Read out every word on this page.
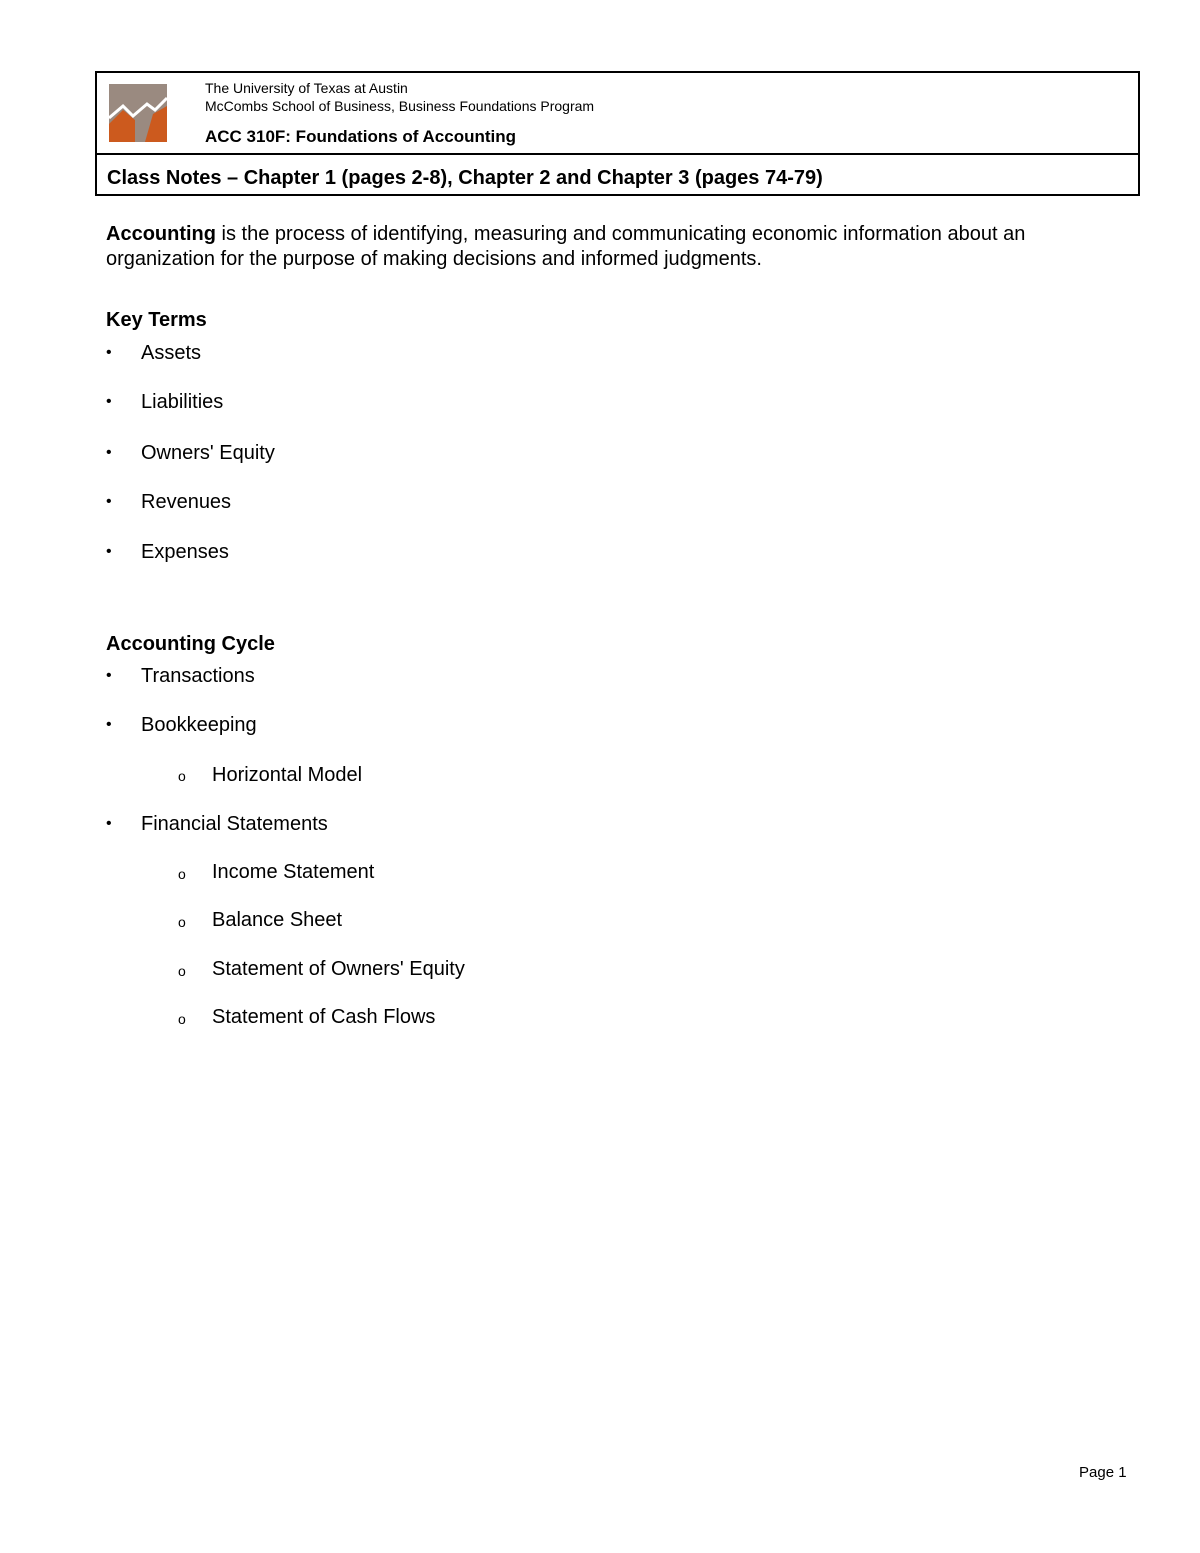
The University of Texas at Austin
McCombs School of Business, Business Foundations Program
ACC 310F: Foundations of Accounting
Class Notes – Chapter 1 (pages 2-8), Chapter 2 and Chapter 3 (pages 74-79)
Accounting is the process of identifying, measuring and communicating economic information about an organization for the purpose of making decisions and informed judgments.
Key Terms
• Assets
• Liabilities
• Owners' Equity
• Revenues
• Expenses
Accounting Cycle
• Transactions
• Bookkeeping
o Horizontal Model
• Financial Statements
o Income Statement
o Balance Sheet
o Statement of Owners' Equity
o Statement of Cash Flows
Page 1
